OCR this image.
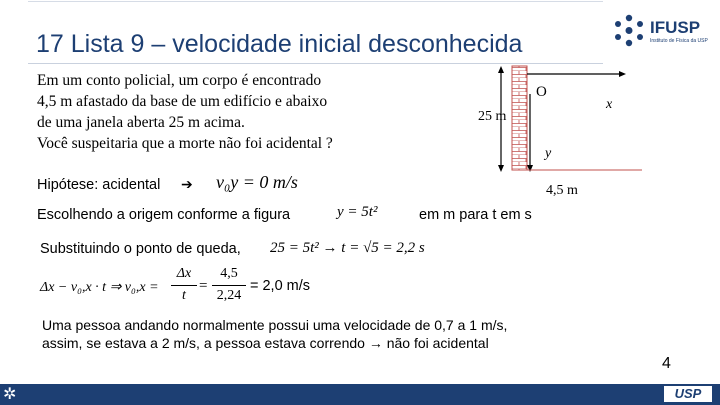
17 Lista 9 – velocidade inicial desconhecida
IFUSP
Instituto de Física da USP
Em um conto policial, um corpo é encontrado
4,5 m afastado da base de um edifício e abaixo
de uma janela aberta 25 m acima.
Você suspeitaria que a morte não foi acidental ?
O
x
y
25 m
4,5 m
Hipótese: acidental ➔ v₀y = 0 m/s
Escolhendo a origem conforme a figura	y = 5t²	em m para t em s
Substituindo o ponto de queda, 25 = 5t² → t = √5 = 2,2 s
Δx − v₀,x · t ⇒ v₀,x =
Δx
t
=
4,5
2,24
= 2,0 m/s
Uma pessoa andando normalmente possui uma velocidade de 0,7 a 1 m/s,
assim, se estava a 2 m/s, a pessoa estava correndo → não foi acidental
4
✲	USP
